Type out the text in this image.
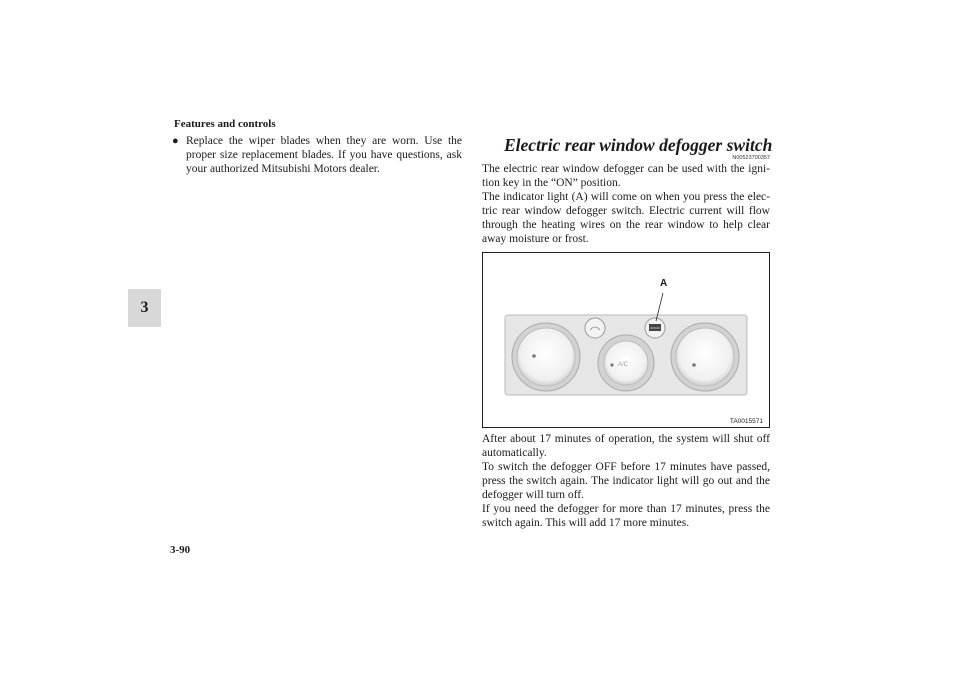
Features and controls
3
● Replace the wiper blades when they are worn. Use the proper size replacement blades. If you have questions, ask your authorized Mitsubishi Motors dealer.
Electric rear window defogger switch
N00523700357

The electric rear window defogger can be used with the igni-tion key in the “ON” position.

The indicator light (A) will come on when you press the elec-tric rear window defogger switch. Electric current will flow through the heating wires on the rear window to help clear away moisture or frost.

A
A/C
TA0015571

After about 17 minutes of operation, the system will shut off automatically.

To switch the defogger OFF before 17 minutes have passed, press the switch again. The indicator light will go out and the defogger will turn off.

If you need the defogger for more than 17 minutes, press the switch again. This will add 17 more minutes.

3-90
